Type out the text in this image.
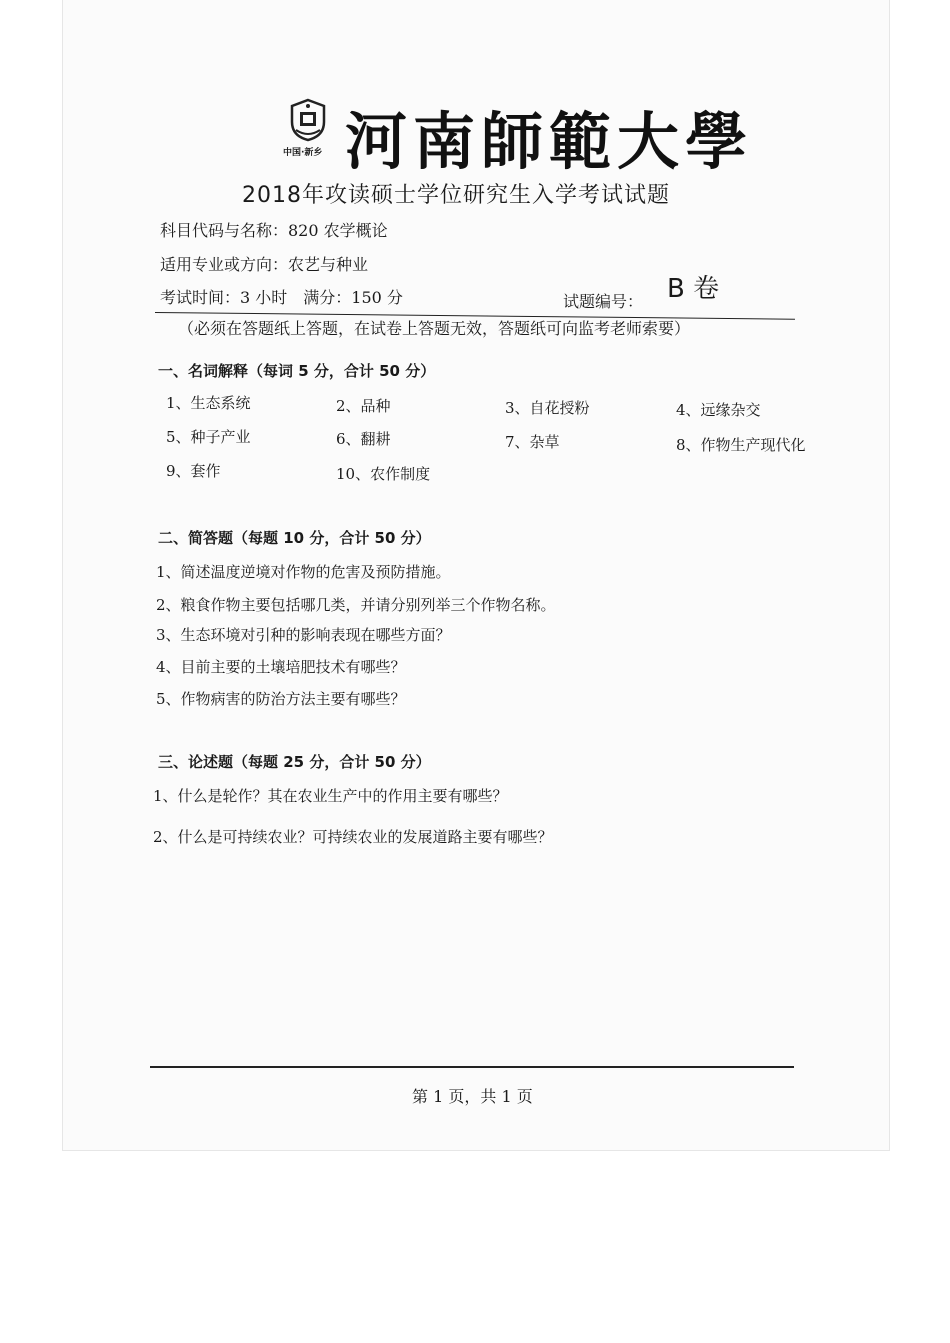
中国·新乡 河南師範大學
2018年攻读硕士学位研究生入学考试试题
科目代码与名称：820 农学概论
适用专业或方向：农艺与种业
考试时间：3 小时　满分：150 分	试题编号： B 卷
（必须在答题纸上答题，在试卷上答题无效，答题纸可向监考老师索要）
一、名词解释（每词 5 分，合计 50 分）
1、生态系统	2、品种	3、自花授粉	4、远缘杂交
5、种子产业	6、翻耕	7、杂草	8、作物生产现代化
9、套作	10、农作制度
二、简答题（每题 10 分，合计 50 分）
1、简述温度逆境对作物的危害及预防措施。
2、粮食作物主要包括哪几类，并请分别列举三个作物名称。
3、生态环境对引种的影响表现在哪些方面？
4、目前主要的土壤培肥技术有哪些？
5、作物病害的防治方法主要有哪些？
三、论述题（每题 25 分，合计 50 分）
1、什么是轮作？其在农业生产中的作用主要有哪些？
2、什么是可持续农业？可持续农业的发展道路主要有哪些？
第 1 页，共 1 页
